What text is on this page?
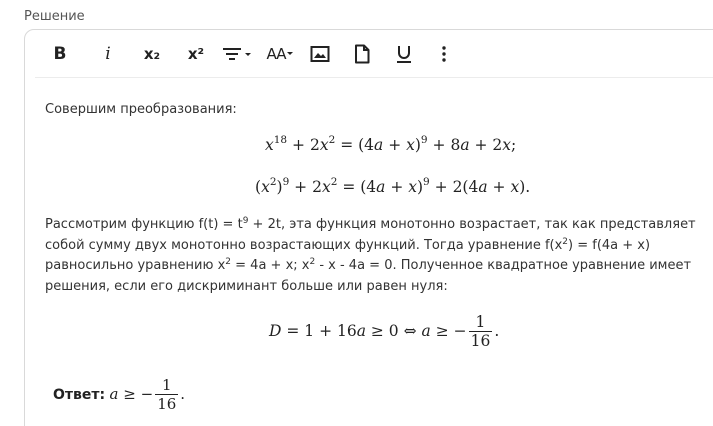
Решение
B i x₂ x²	AA
Совершим преобразования:
$x^{18} + 2x^2 = (4a + x)^9 + 8a + 2x$;
$(x^2)^9 + 2x^2 = (4a + x)^9 + 2(4a + x)$.
Рассмотрим функцию $f(t) = t^9 + 2t$, эта функция монотонно возрастает, так как представляет
собой сумму двух монотонно возрастающих функций. Тогда уравнение $f(x^2) = f(4a + x)$
равносильно уравнению $x^2 = 4a + x$; $x^2 - x - 4a = 0$. Полученное квадратное уравнение имеет
решения, если его дискриминант больше или равен нуля:
D = 1 + 16a ≥ 0 ⇔ a ≥ − $\frac{1}{16}$ .
Ответ: a ≥ − $\frac{1}{16}$ .
